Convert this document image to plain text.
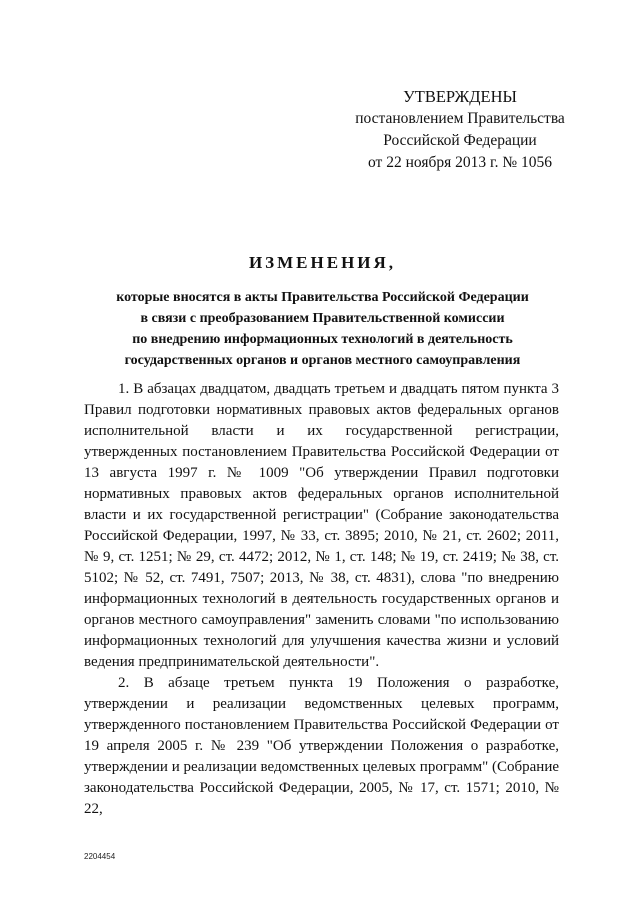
УТВЕРЖДЕНЫ
постановлением Правительства
Российской Федерации
от 22 ноября 2013 г. № 1056
ИЗМЕНЕНИЯ,
которые вносятся в акты Правительства Российской Федерации
в связи с преобразованием Правительственной комиссии
по внедрению информационных технологий в деятельность
государственных органов и органов местного самоуправления

1. В абзацах двадцатом, двадцать третьем и двадцать пятом пункта 3 Правил подготовки нормативных правовых актов федеральных органов исполнительной власти и их государственной регистрации, утвержденных постановлением Правительства Российской Федерации от 13 августа 1997 г. № 1009 "Об утверждении Правил подготовки нормативных правовых актов федеральных органов исполнительной власти и их государственной регистрации" (Собрание законодательства Российской Федерации, 1997, № 33, ст. 3895; 2010, № 21, ст. 2602; 2011, № 9, ст. 1251; № 29, ст. 4472; 2012, № 1, ст. 148; № 19, ст. 2419; № 38, ст. 5102; № 52, ст. 7491, 7507; 2013, № 38, ст. 4831), слова "по внедрению информационных технологий в деятельность государственных органов и органов местного самоуправления" заменить словами "по использованию информационных технологий для улучшения качества жизни и условий ведения предпринимательской деятельности".

2. В абзаце третьем пункта 19 Положения о разработке, утверждении и реализации ведомственных целевых программ, утвержденного постановлением Правительства Российской Федерации от 19 апреля 2005 г. № 239 "Об утверждении Положения о разработке, утверждении и реализации ведомственных целевых программ" (Собрание законодательства Российской Федерации, 2005, № 17, ст. 1571; 2010, № 22,

2204454
